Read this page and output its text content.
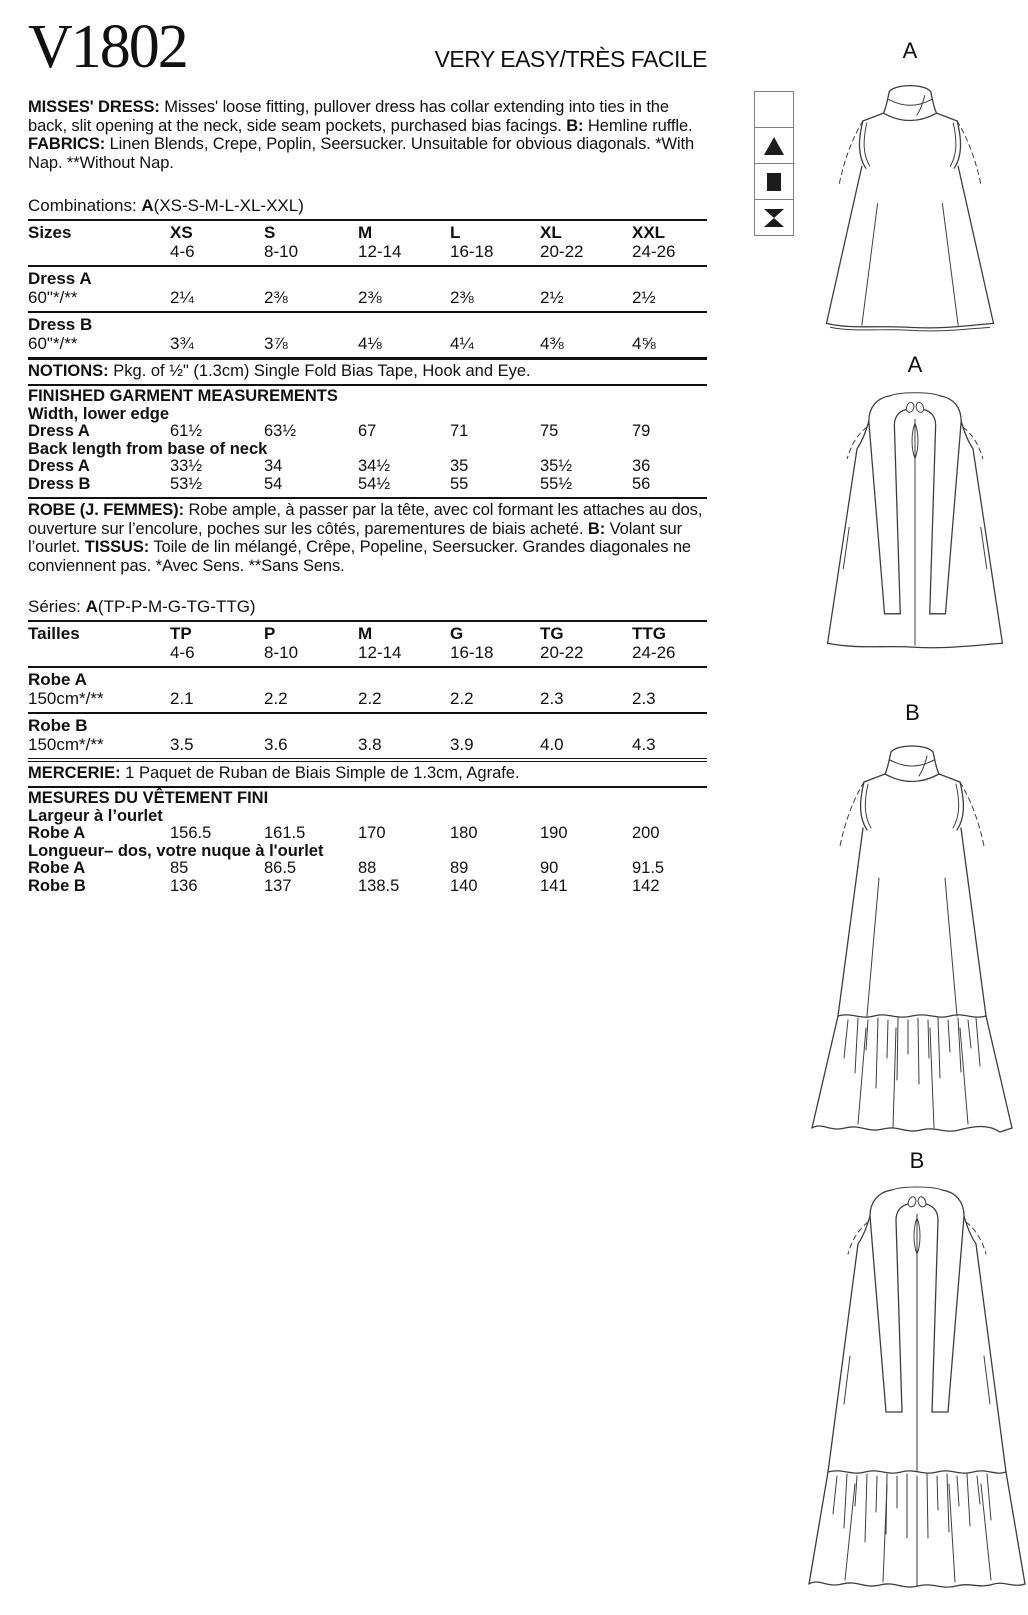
V1802	VERY EASY/TRÈS FACILE

MISSES' DRESS: Misses' loose fitting, pullover dress has collar extending into ties in the back, slit opening at the neck, side seam pockets, purchased bias facings. B: Hemline ruffle. FABRICS: Linen Blends, Crepe, Poplin, Seersucker. Unsuitable for obvious diagonals. *With Nap. **Without Nap.

Combinations: A(XS-S-M-L-XL-XXL)
Sizes	XS	S	M	L	XL	XXL
4-6	8-10	12-14	16-18	20-22	24-26
Dress A
60"*/**	2¼	2⅜	2⅜	2⅜	2½	2½
Dress B
60"*/**	3¾	3⅞	4⅛	4¼	4⅜	4⅝
NOTIONS: Pkg. of ½" (1.3cm) Single Fold Bias Tape, Hook and Eye.
FINISHED GARMENT MEASUREMENTS
Width, lower edge
Dress A	61½	63½	67	71	75	79
Back length from base of neck
Dress A	33½	34	34½	35	35½	36
Dress B	53½	54	54½	55	55½	56

ROBE (J. FEMMES): Robe ample, à passer par la tête, avec col formant les attaches au dos, ouverture sur l’encolure, poches sur les côtés, parementures de biais acheté. B: Volant sur l’ourlet. TISSUS: Toile de lin mélangé, Crêpe, Popeline, Seersucker. Grandes diagonales ne conviennent pas. *Avec Sens. **Sans Sens.

Séries: A(TP-P-M-G-TG-TTG)
Tailles	TP	P	M	G	TG	TTG
4-6	8-10	12-14	16-18	20-22	24-26
Robe A
150cm*/**	2.1	2.2	2.2	2.2	2.3	2.3
Robe B
150cm*/**	3.5	3.6	3.8	3.9	4.0	4.3
MERCERIE: 1 Paquet de Ruban de Biais Simple de 1.3cm, Agrafe.
MESURES DU VÊTEMENT FINI
Largeur à l’ourlet
Robe A	156.5	161.5	170	180	190	200
Longueur– dos, votre nuque à l'ourlet
Robe A	85	86.5	88	89	90	91.5
Robe B	136	137	138.5	140	141	142
A
A
B
B
